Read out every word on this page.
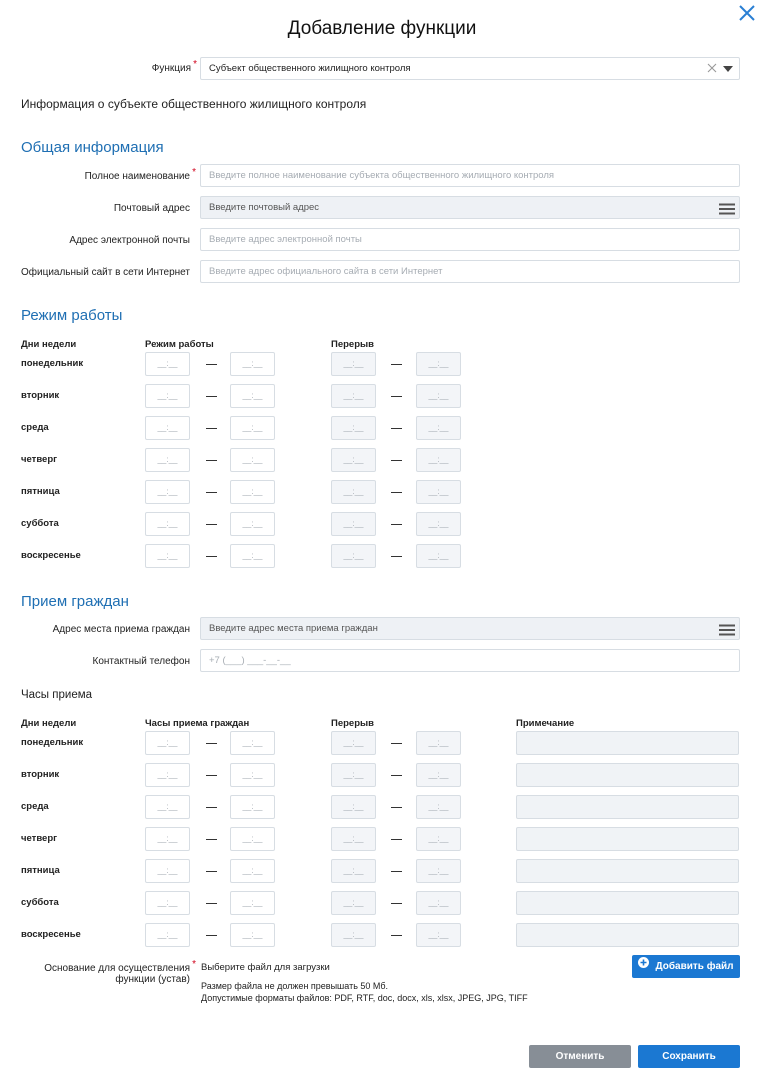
Добавление функции
Функция *	Субъект общественного жилищного контроля
Информация о субъекте общественного жилищного контроля
Общая информация
Полное наименование *	Введите полное наименование субъекта общественного жилищного контроля
Почтовый адрес	Введите почтовый адрес
Адрес электронной почты	Введите адрес электронной почты
Официальный сайт в сети Интернет	Введите адрес официального сайта в сети Интернет
Режим работы
Дни недели	Режим работы	Перерыв
понедельник	__:__	__:__	__:__	__:__
вторник	__:__	__:__	__:__	__:__
среда	__:__	__:__	__:__	__:__
четверг	__:__	__:__	__:__	__:__
пятница	__:__	__:__	__:__	__:__
суббота	__:__	__:__	__:__	__:__
воскресенье	__:__	__:__	__:__	__:__
Прием граждан
Адрес места приема граждан	Введите адрес места приема граждан
Контактный телефон	+7 (___) ___-__-__
Часы приема
Дни недели	Часы приема граждан	Перерыв	Примечание
понедельник	__:__	__:__	__:__	__:__
вторник	__:__	__:__	__:__	__:__
среда	__:__	__:__	__:__	__:__
четверг	__:__	__:__	__:__	__:__
пятница	__:__	__:__	__:__	__:__
суббота	__:__	__:__	__:__	__:__
воскресенье	__:__	__:__	__:__	__:__
Основание для осуществления
функции (устав)
* Выберите файл для загрузки
Размер файла не должен превышать 50 Мб.
Допустимые форматы файлов: PDF, RTF, doc, docx, xls, xlsx, JPEG, JPG, TIFF
Добавить файл
Отменить	Сохранить
